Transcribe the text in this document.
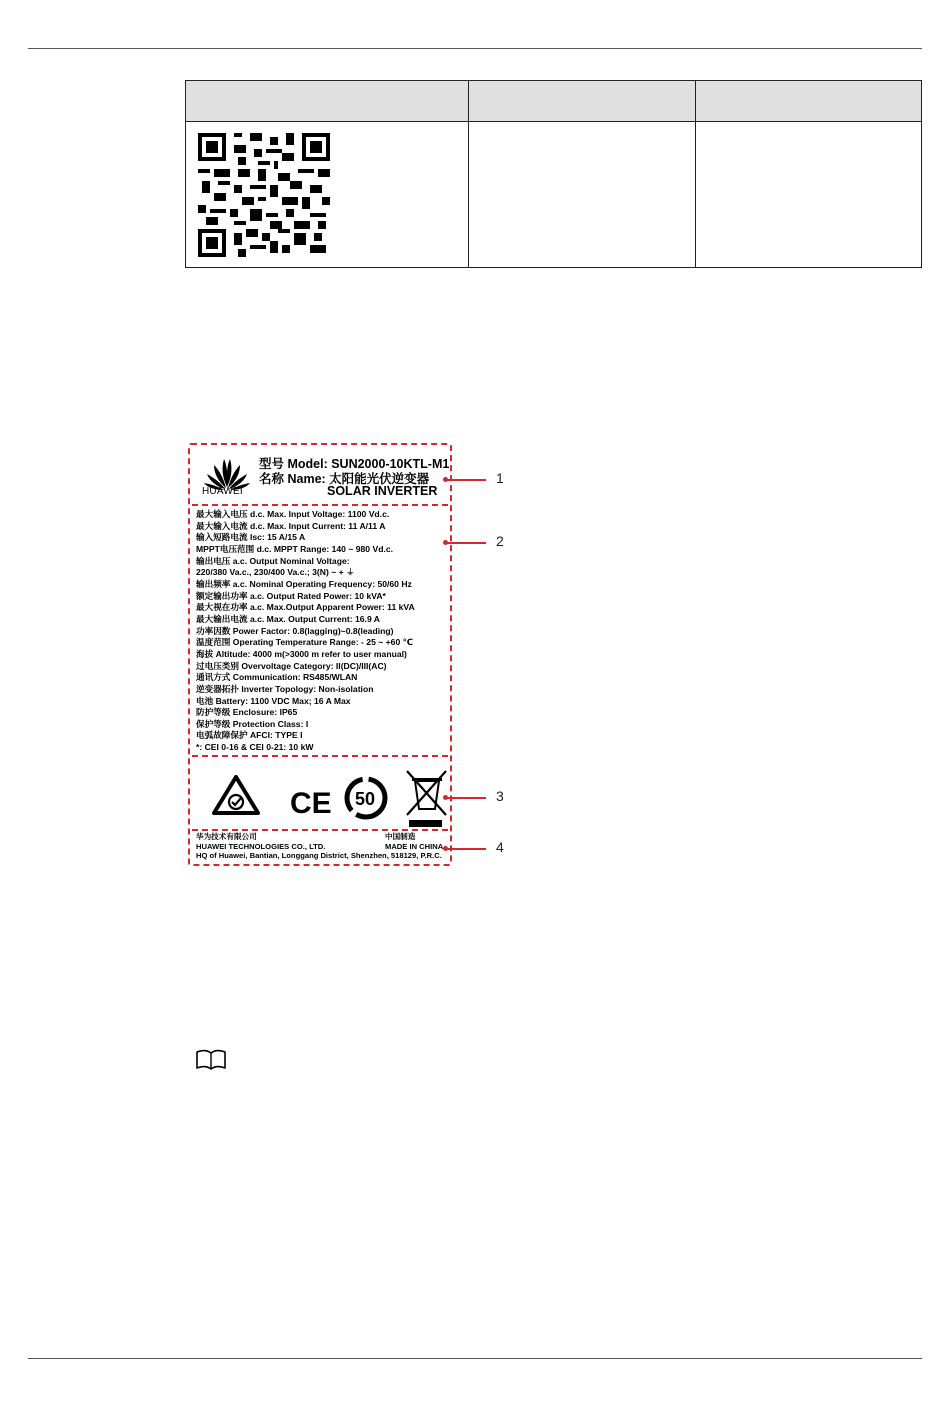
HUAWEI
型号 Model: SUN2000-10KTL-M1
名称 Name: 太阳能光伏逆变器
SOLAR INVERTER
最大输入电压 d.c. Max. Input Voltage: 1100 Vd.c.
最大输入电流 d.c. Max. Input Current: 11 A/11 A
输入短路电流 Isc: 15 A/15 A
MPPT电压范围 d.c. MPPT Range: 140 ~ 980 Vd.c.
输出电压 a.c. Output Nominal Voltage:
220/380 Va.c., 230/400 Va.c.; 3(N) ~ + ⏚
输出频率 a.c. Nominal Operating Frequency: 50/60 Hz
额定输出功率 a.c. Output Rated Power: 10 kVA*
最大视在功率 a.c. Max.Output Apparent Power: 11 kVA
最大输出电流 a.c. Max. Output Current: 16.9 A
功率因数 Power Factor: 0.8(lagging)~0.8(leading)
温度范围 Operating Temperature Range: - 25 ~ +60 ℃
海拔 Altitude: 4000 m(>3000 m refer to user manual)
过电压类别 Overvoltage Category: II(DC)/III(AC)
通讯方式 Communication: RS485/WLAN
逆变器拓扑 Inverter Topology: Non-isolation
电池 Battery: 1100 VDC Max; 16 A Max
防护等级 Enclosure: IP65
保护等级 Protection Class: I
电弧故障保护 AFCI: TYPE I
*: CEI 0-16 & CEI 0-21: 10 kW
CE 50
华为技术有限公司	中国制造
HUAWEI TECHNOLOGIES CO., LTD.	MADE IN CHINA
HQ of Huawei, Bantian, Longgang District, Shenzhen, 518129, P.R.C.
1
2
3
4
